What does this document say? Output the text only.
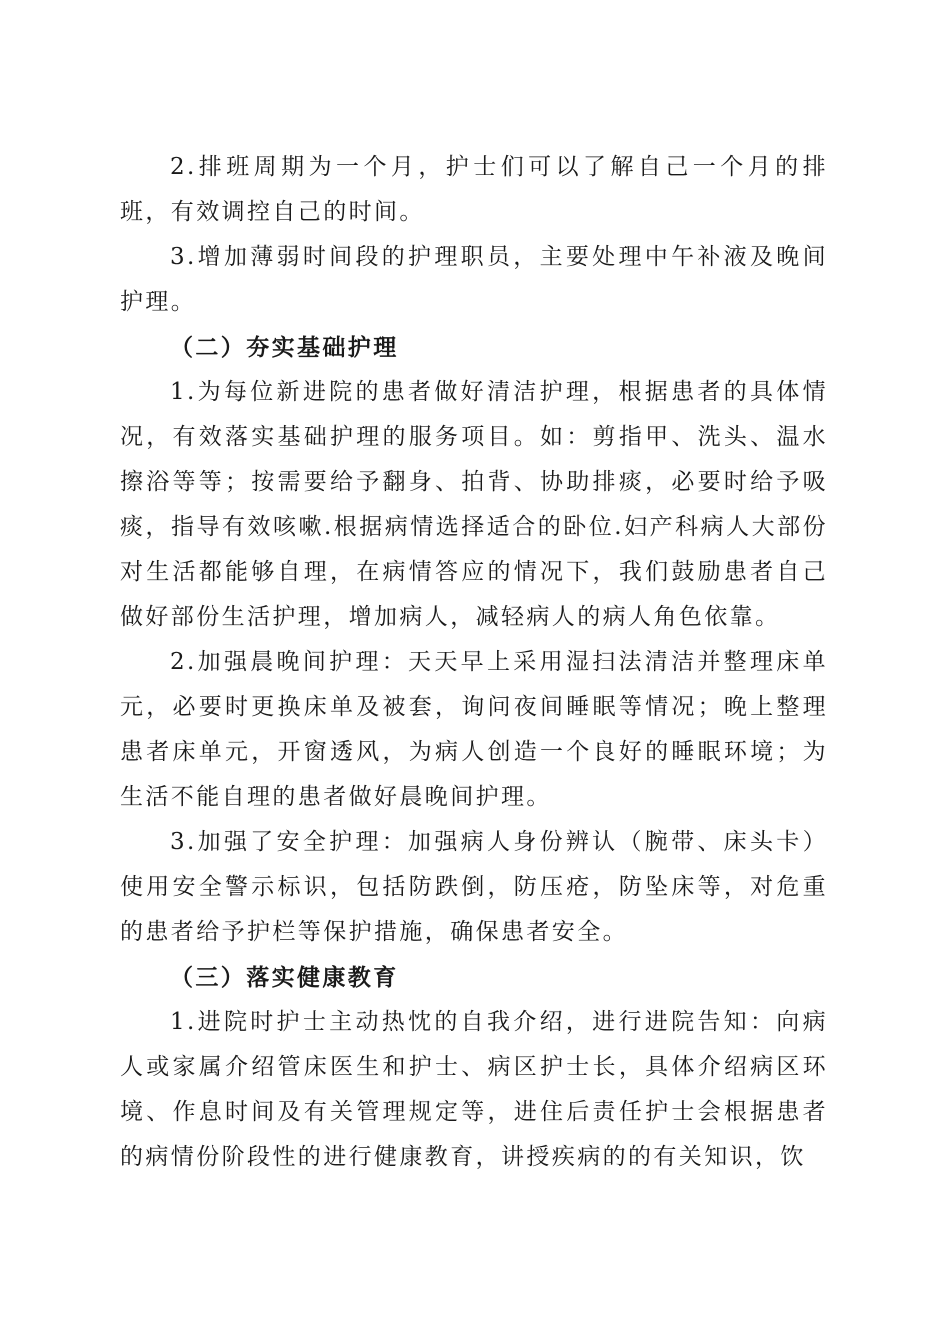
2.排班周期为一个月，护士们可以了解自己一个月的排班，有效调控自己的时间。

3.增加薄弱时间段的护理职员，主要处理中午补液及晚间护理。

（二）夯实基础护理

1.为每位新进院的患者做好清洁护理，根据患者的具体情况，有效落实基础护理的服务项目。如：剪指甲、洗头、温水擦浴等等；按需要给予翻身、拍背、协助排痰，必要时给予吸痰，指导有效咳嗽.根据病情选择适合的卧位.妇产科病人大部份对生活都能够自理，在病情答应的情况下，我们鼓励患者自己做好部份生活护理，增加病人，减轻病人的病人角色依靠。

2.加强晨晚间护理：天天早上采用湿扫法清洁并整理床单元，必要时更换床单及被套，询问夜间睡眠等情况；晚上整理患者床单元，开窗透风，为病人创造一个良好的睡眠环境；为生活不能自理的患者做好晨晚间护理。

3.加强了安全护理：加强病人身份辨认（腕带、床头卡）使用安全警示标识，包括防跌倒，防压疮，防坠床等，对危重的患者给予护栏等保护措施，确保患者安全。

（三）落实健康教育

1.进院时护士主动热忱的自我介绍，进行进院告知：向病人或家属介绍管床医生和护士、病区护士长，具体介绍病区环境、作息时间及有关管理规定等，进住后责任护士会根据患者的病情份阶段性的进行健康教育，讲授疾病的的有关知识，饮
